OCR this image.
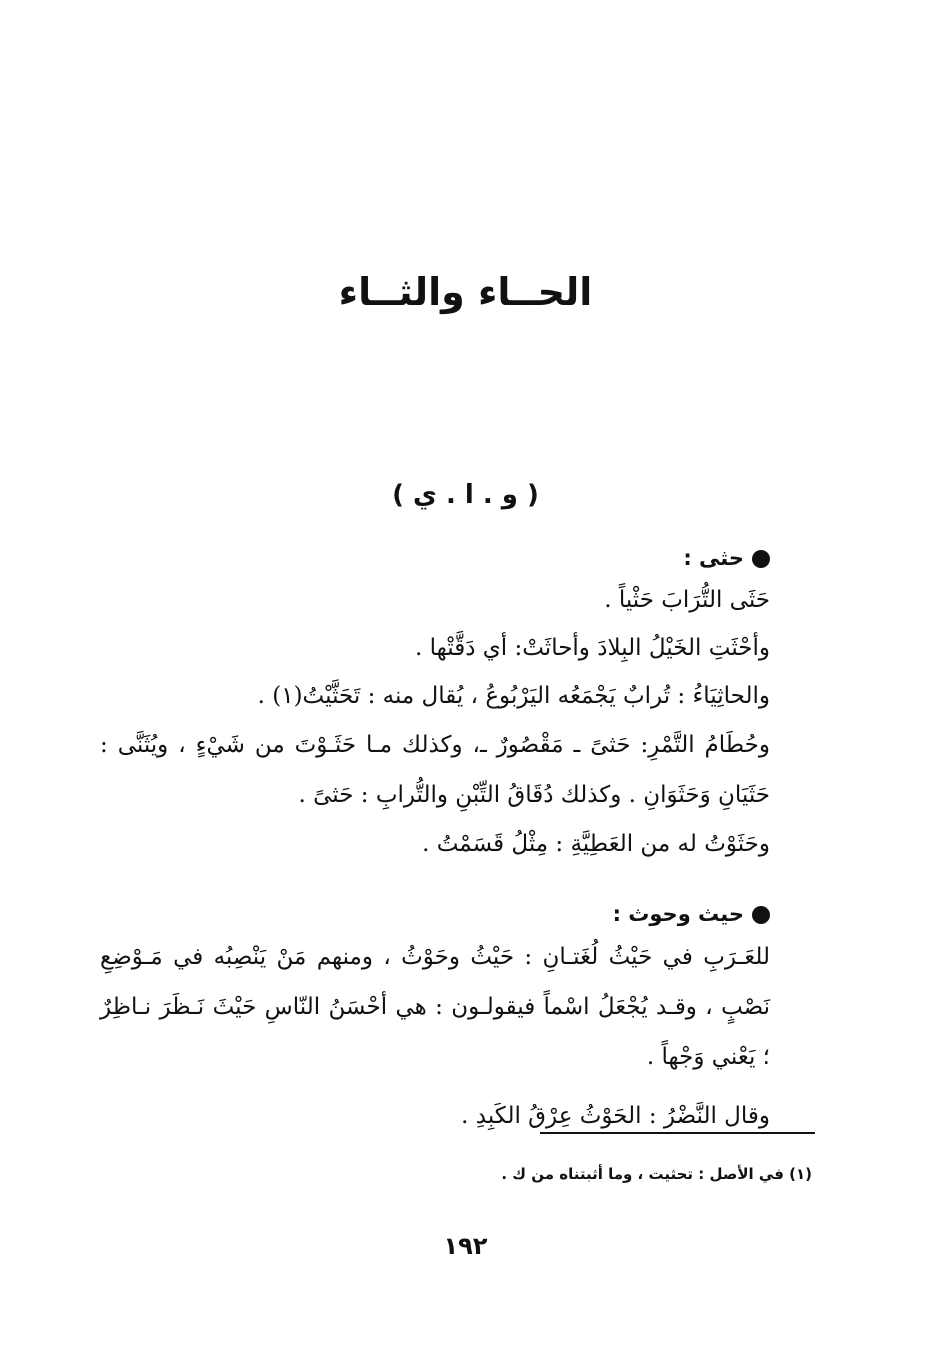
الحــاء والثــاء
( و . ا . ي )
حثى :
حَثَى التُّرَابَ حَثْياً .
وأحْثَتِ الخَيْلُ البِلادَ وأحاثَتْ: أي دَقَّتْها .
والحاثِيَاءُ : تُرابٌ يَجْمَعُه اليَرْبُوعُ ، يُقال منه : تَحَثَّيْتُ(١) .
وحُطَامُ التَّمْرِ: حَثىً ـ مَقْصُورٌ ـ، وكذلك مـا حَثَـوْتَ من شَيْءٍ ، ويُثَنَّى : حَثَيَانِ وَحَثَوَانِ . وكذلك دُقَاقُ التِّبْنِ والتُّرابِ : حَثىً .
وحَثَوْتُ له من العَطِيَّةِ : مِثْلُ قَسَمْتُ .
حيث وحوث :
للعَـرَبِ في حَيْثُ لُغَتـانِ : حَيْثُ وحَوْثُ ، ومنهم مَنْ يَنْصِبُه في مَـوْضِعِ نَصْبٍ ، وقـد يُجْعَلُ اسْماً فيقولـون : هي أحْسَنُ النّاسِ حَيْثَ نَـظَرَ نـاظِرٌ ؛ يَعْني وَجْهاً .
وقال النَّضْرُ : الحَوْثُ عِرْقُ الكَبِدِ .
(١) في الأصل : تحثيت ، وما أثبتناه من ك .
١٩٢
